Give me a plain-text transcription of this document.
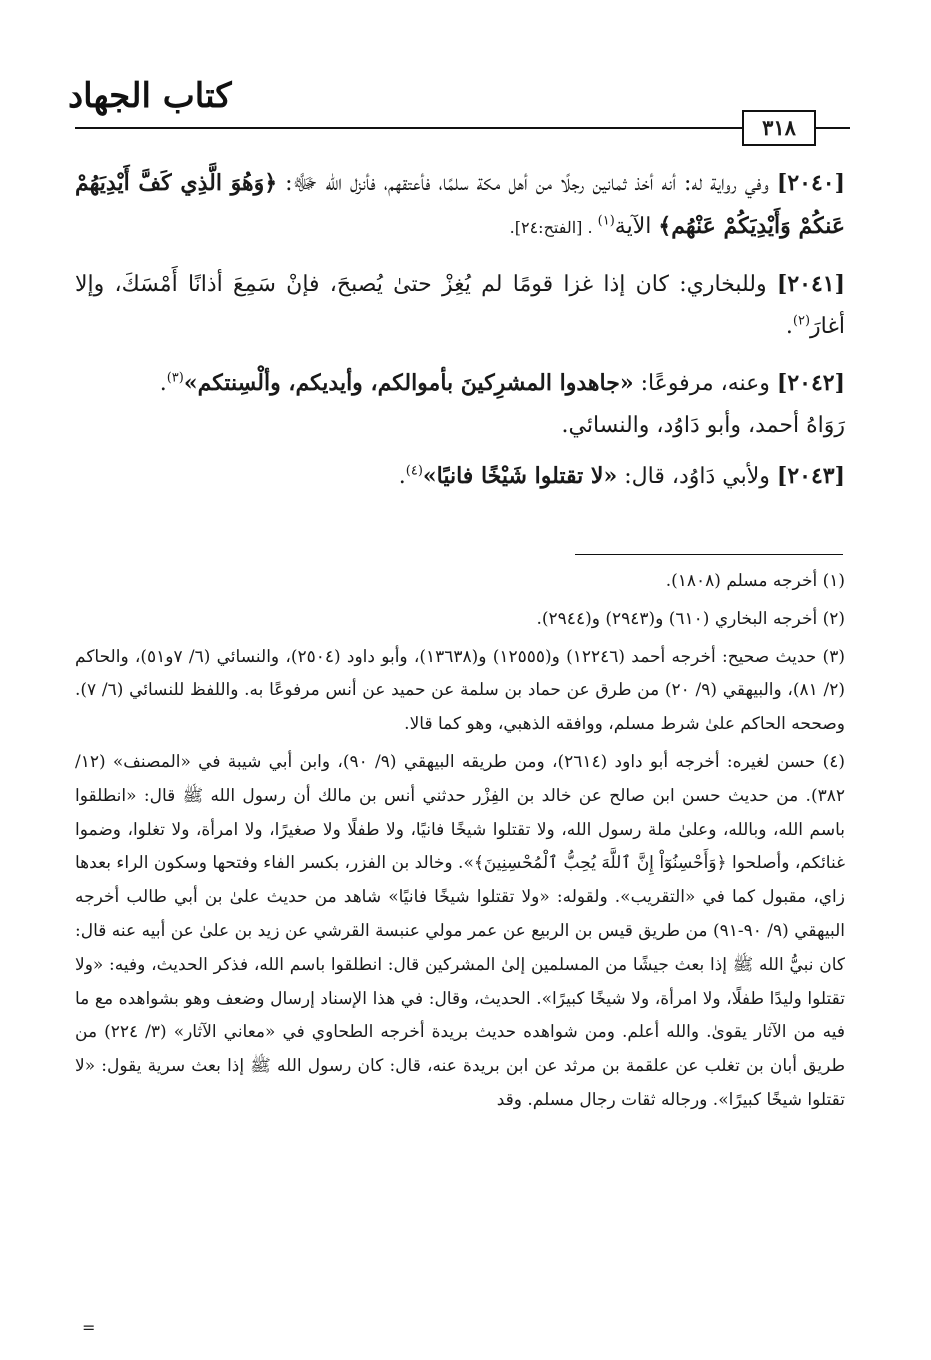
كتاب الجهاد
٣١٨

[٢٠٤٠] وفي رواية له: أنه أخذ ثمانين رجلًا من أهل مكة سلمًا، فأعتقهم، فأنزل الله ﷻ: ﴿وَهُوَ الَّذِي كَفَّ أَيْدِيَهُمْ عَنكُمْ وَأَيْدِيَكُمْ عَنْهُم﴾ الآية$^{(١)}$ . [الفتح:٢٤].

[٢٠٤١] وللبخاري: كان إذا غزا قومًا لم يُغِزْ حتىٰ يُصبحَ، فإنْ سَمِعَ أذانًا أَمْسَكَ، وإلا أغارَ$^{(٢)}$.

[٢٠٤٢] وعنه، مرفوعًا: «جاهدوا المشرِكينَ بأموالكم، وأيديكم، وألْسِنتكم»$^{(٣)}$.
رَوَاهُ أحمد، وأبو دَاوُد، والنسائي.

[٢٠٤٣] ولأبي دَاوُد، قال: «لا تقتلوا شَيْخًا فانيًا»$^{(٤)}$.

(١) أخرجه مسلم (١٨٠٨).

(٢) أخرجه البخاري (٦١٠) و(٢٩٤٣) و(٢٩٤٤).

(٣) حديث صحيح: أخرجه أحمد (١٢٢٤٦) و(١٢٥٥٥) و(١٣٦٣٨)، وأبو داود (٢٥٠٤)، والنسائي (٦/ ٧و٥١)، والحاكم (٢/ ٨١)، والبيهقي (٩/ ٢٠) من طرق عن حماد بن سلمة عن حميد عن أنس مرفوعًا به. واللفظ للنسائي (٦/ ٧). وصححه الحاكم علىٰ شرط مسلم، ووافقه الذهبي، وهو كما قالا.

(٤) حسن لغيره: أخرجه أبو داود (٢٦١٤)، ومن طريقه البيهقي (٩/ ٩٠)، وابن أبي شيبة في «المصنف» (١٢/ ٣٨٢). من حديث حسن ابن صالح عن خالد بن الفِزْر حدثني أنس بن مالك أن رسول الله ﷺ قال: «انطلقوا باسم الله، وبالله، وعلىٰ ملة رسول الله، ولا تقتلوا شيخًا فانيًا، ولا طفلًا ولا صغيرًا، ولا امرأة، ولا تغلوا، وضموا غنائكم، وأصلحوا ﴿وَأَحْسِنُوٓاْ إِنَّ ٱللَّهَ يُحِبُّ ٱلْمُحْسِنِينَ﴾». وخالد بن الفزر، بكسر الفاء وفتحها وسكون الراء بعدها زاي، مقبول كما في «التقريب». ولقوله: «ولا تقتلوا شيخًا فانيًا» شاهد من حديث علىٰ بن أبي طالب أخرجه البيهقي (٩/ ٩٠-٩١) من طريق قيس بن الربيع عن عمر مولي عنبسة القرشي عن زيد بن علىٰ عن أبيه عنه قال: كان نبيُّ الله ﷺ إذا بعث جيشًا من المسلمين إلىٰ المشركين قال: انطلقوا باسم الله، فذكر الحديث، وفيه: «ولا تقتلوا وليدًا طفلًا، ولا امرأة، ولا شيخًا كبيرًا». الحديث، وقال: في هذا الإسناد إرسال وضعف وهو بشواهده مع ما فيه من الآثار يقوىٰ. والله أعلم. ومن شواهده حديث بريدة أخرجه الطحاوي في «معاني الآثار» (٣/ ٢٢٤) من طريق أبان بن تغلب عن علقمة بن مرثد عن ابن بريدة عنه، قال: كان رسول الله ﷺ إذا بعث سرية يقول: «لا تقتلوا شيخًا كبيرًا». ورجاله ثقات رجال مسلم. وقد

=
